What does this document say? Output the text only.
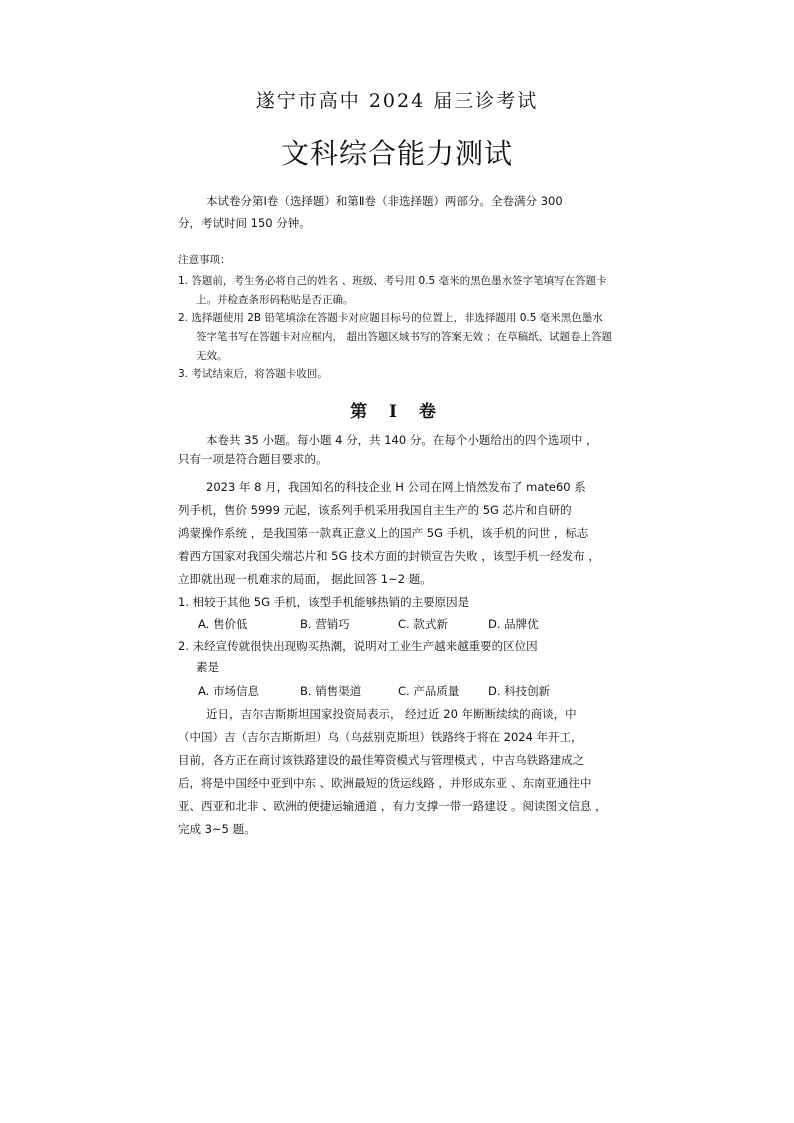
遂宁市高中 2024 届三诊考试
文科综合能力测试
本试卷分第Ⅰ卷（选择题）和第Ⅱ卷（非选择题）两部分。全卷满分 300
分，考试时间 150 分钟。
注意事项：
1. 答题前，考生务必将自己的姓名 、班级、考号用 0.5 毫米的黑色墨水签字笔填写在答题卡
上。并检查条形码粘贴是否正确。
2. 选择题使用 2B 铅笔填涂在答题卡对应题目标号的位置上，非选择题用 0.5 毫米黑色墨水
签字笔书写在答题卡对应框内， 超出答题区域书写的答案无效 ；在草稿纸、试题卷上答题
无效。
3. 考试结束后，将答题卡收回。
第 Ⅰ 卷
本卷共 35 小题。每小题 4 分，共 140 分。在每个小题给出的四个选项中 ，
只有一项是符合题目要求的。
2023 年 8 月，我国知名的科技企业 H 公司在网上悄然发布了 mate60 系
列手机，售价 5999 元起，该系列手机采用我国自主生产的 5G 芯片和自研的
鸿蒙操作系统 ，是我国第一款真正意义上的国产 5G 手机，该手机的问世 ，标志
着西方国家对我国尖端芯片和 5G 技术方面的封锁宣告失败 ，该型手机一经发布 ，
立即就出现一机难求的局面， 据此回答 1~2 题。
1. 相较于其他 5G 手机，该型手机能够热销的主要原因是
A. 售价低	B. 营销巧	C. 款式新	D. 品牌优
2. 未经宣传就很快出现购买热潮，说明对工业生产越来越重要的区位因
素是
A. 市场信息	B. 销售渠道	C. 产品质量 D. 科技创新
近日，吉尔吉斯斯坦国家投资局表示， 经过近 20 年断断续续的商谈，中
（中国）吉（吉尔吉斯斯坦）乌（乌兹别克斯坦）铁路终于将在 2024 年开工，
目前，各方正在商讨该铁路建设的最佳筹资模式与管理模式 ，中吉乌铁路建成之
后，将是中国经中亚到中东 、欧洲最短的货运线路 ，并形成东亚 、东南亚通往中
亚、西亚和北非 、欧洲的便捷运输通道 ，有力支撑一带一路建设 。阅读图文信息 ，
完成 3~5 题。
